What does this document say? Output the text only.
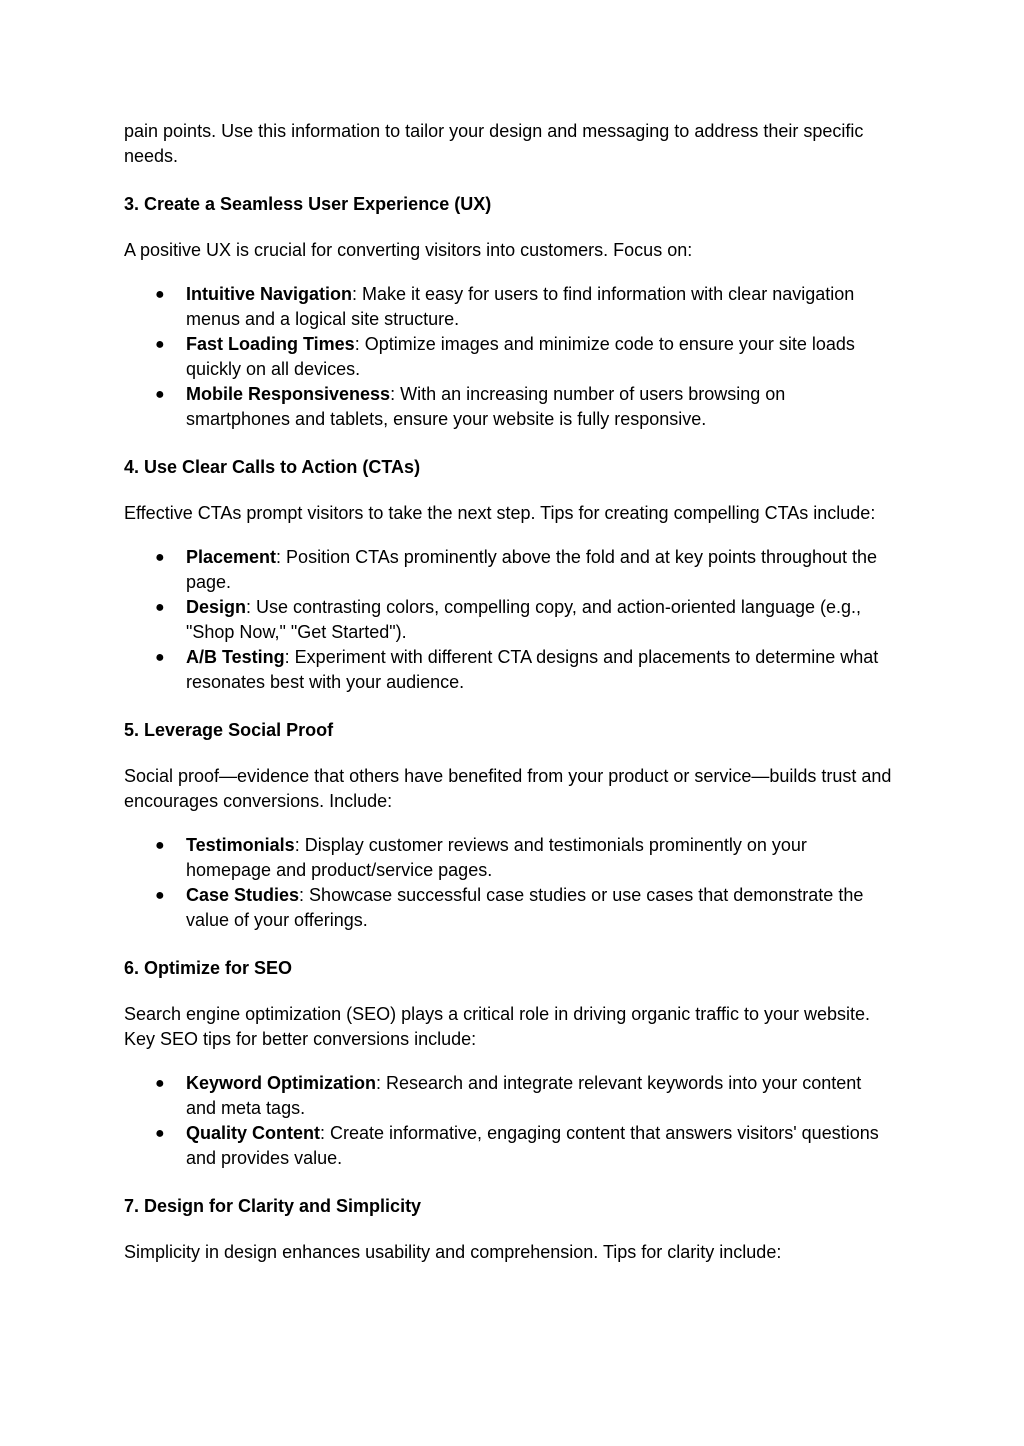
pain points. Use this information to tailor your design and messaging to address their specific needs.

3. Create a Seamless User Experience (UX)

A positive UX is crucial for converting visitors into customers. Focus on:

● Intuitive Navigation: Make it easy for users to find information with clear navigation menus and a logical site structure.
● Fast Loading Times: Optimize images and minimize code to ensure your site loads quickly on all devices.
● Mobile Responsiveness: With an increasing number of users browsing on smartphones and tablets, ensure your website is fully responsive.
4. Use Clear Calls to Action (CTAs)

Effective CTAs prompt visitors to take the next step. Tips for creating compelling CTAs include:

● Placement: Position CTAs prominently above the fold and at key points throughout the page.
● Design: Use contrasting colors, compelling copy, and action-oriented language (e.g., "Shop Now," "Get Started").
● A/B Testing: Experiment with different CTA designs and placements to determine what resonates best with your audience.
5. Leverage Social Proof

Social proof—evidence that others have benefited from your product or service—builds trust and encourages conversions. Include:

● Testimonials: Display customer reviews and testimonials prominently on your homepage and product/service pages.
● Case Studies: Showcase successful case studies or use cases that demonstrate the value of your offerings.
6. Optimize for SEO

Search engine optimization (SEO) plays a critical role in driving organic traffic to your website. Key SEO tips for better conversions include:

● Keyword Optimization: Research and integrate relevant keywords into your content and meta tags.
● Quality Content: Create informative, engaging content that answers visitors' questions and provides value.
7. Design for Clarity and Simplicity

Simplicity in design enhances usability and comprehension. Tips for clarity include:
